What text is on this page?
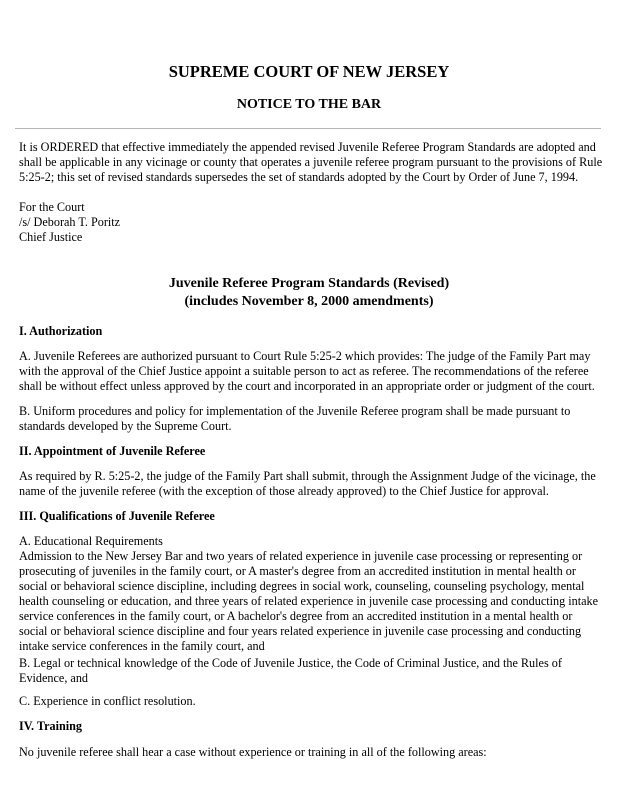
SUPREME COURT OF NEW JERSEY
NOTICE TO THE BAR

It is ORDERED that effective immediately the appended revised Juvenile Referee Program Standards are adopted and shall be applicable in any vicinage or county that operates a juvenile referee program pursuant to the provisions of Rule 5:25-2; this set of revised standards supersedes the set of standards adopted by the Court by Order of June 7, 1994.

For the Court
/s/ Deborah T. Poritz
Chief Justice
Juvenile Referee Program Standards (Revised)
(includes November 8, 2000 amendments)
I. Authorization

A. Juvenile Referees are authorized pursuant to Court Rule 5:25-2 which provides: The judge of the Family Part may with the approval of the Chief Justice appoint a suitable person to act as referee. The recommendations of the referee shall be without effect unless approved by the court and incorporated in an appropriate order or judgment of the court.

B. Uniform procedures and policy for implementation of the Juvenile Referee program shall be made pursuant to standards developed by the Supreme Court.

II. Appointment of Juvenile Referee

As required by R. 5:25-2, the judge of the Family Part shall submit, through the Assignment Judge of the vicinage, the name of the juvenile referee (with the exception of those already approved) to the Chief Justice for approval.

III. Qualifications of Juvenile Referee
A. Educational Requirements

Admission to the New Jersey Bar and two years of related experience in juvenile case processing or representing or prosecuting of juveniles in the family court, or A master's degree from an accredited institution in mental health or social or behavioral science discipline, including degrees in social work, counseling, counseling psychology, mental health counseling or education, and three years of related experience in juvenile case processing and conducting intake service conferences in the family court, or A bachelor's degree from an accredited institution in a mental health or social or behavioral science discipline and four years related experience in juvenile case processing and conducting intake service conferences in the family court, and

B. Legal or technical knowledge of the Code of Juvenile Justice, the Code of Criminal Justice, and the Rules of Evidence, and

C. Experience in conflict resolution.

IV. Training

No juvenile referee shall hear a case without experience or training in all of the following areas:
